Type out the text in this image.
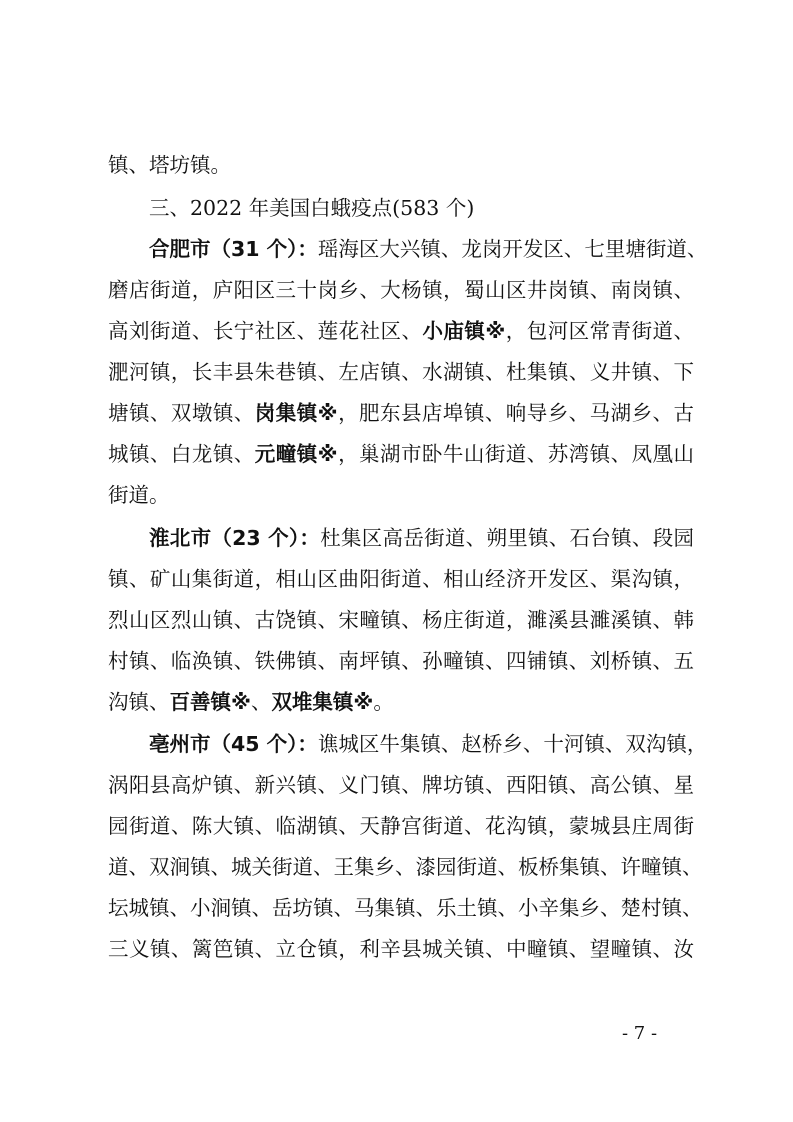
镇、塔坊镇。
三、2022 年美国白蛾疫点(583 个)
合肥市（31 个）：瑶海区大兴镇、龙岗开发区、七里塘街道、
磨店街道，庐阳区三十岗乡、大杨镇，蜀山区井岗镇、南岗镇、
高刘街道、长宁社区、莲花社区、小庙镇※，包河区常青街道、
淝河镇，长丰县朱巷镇、左店镇、水湖镇、杜集镇、义井镇、下
塘镇、双墩镇、岗集镇※，肥东县店埠镇、响导乡、马湖乡、古
城镇、白龙镇、元疃镇※，巢湖市卧牛山街道、苏湾镇、凤凰山
街道。
淮北市（23 个）：杜集区高岳街道、朔里镇、石台镇、段园
镇、矿山集街道，相山区曲阳街道、相山经济开发区、渠沟镇，
烈山区烈山镇、古饶镇、宋疃镇、杨庄街道，濉溪县濉溪镇、韩
村镇、临涣镇、铁佛镇、南坪镇、孙疃镇、四铺镇、刘桥镇、五
沟镇、百善镇※、双堆集镇※。
亳州市（45 个）：谯城区牛集镇、赵桥乡、十河镇、双沟镇，
涡阳县高炉镇、新兴镇、义门镇、牌坊镇、西阳镇、高公镇、星
园街道、陈大镇、临湖镇、天静宫街道、花沟镇，蒙城县庄周街
道、双涧镇、城关街道、王集乡、漆园街道、板桥集镇、许疃镇、
坛城镇、小涧镇、岳坊镇、马集镇、乐土镇、小辛集乡、楚村镇、
三义镇、篱笆镇、立仓镇，利辛县城关镇、中疃镇、望疃镇、汝
- 7 -
